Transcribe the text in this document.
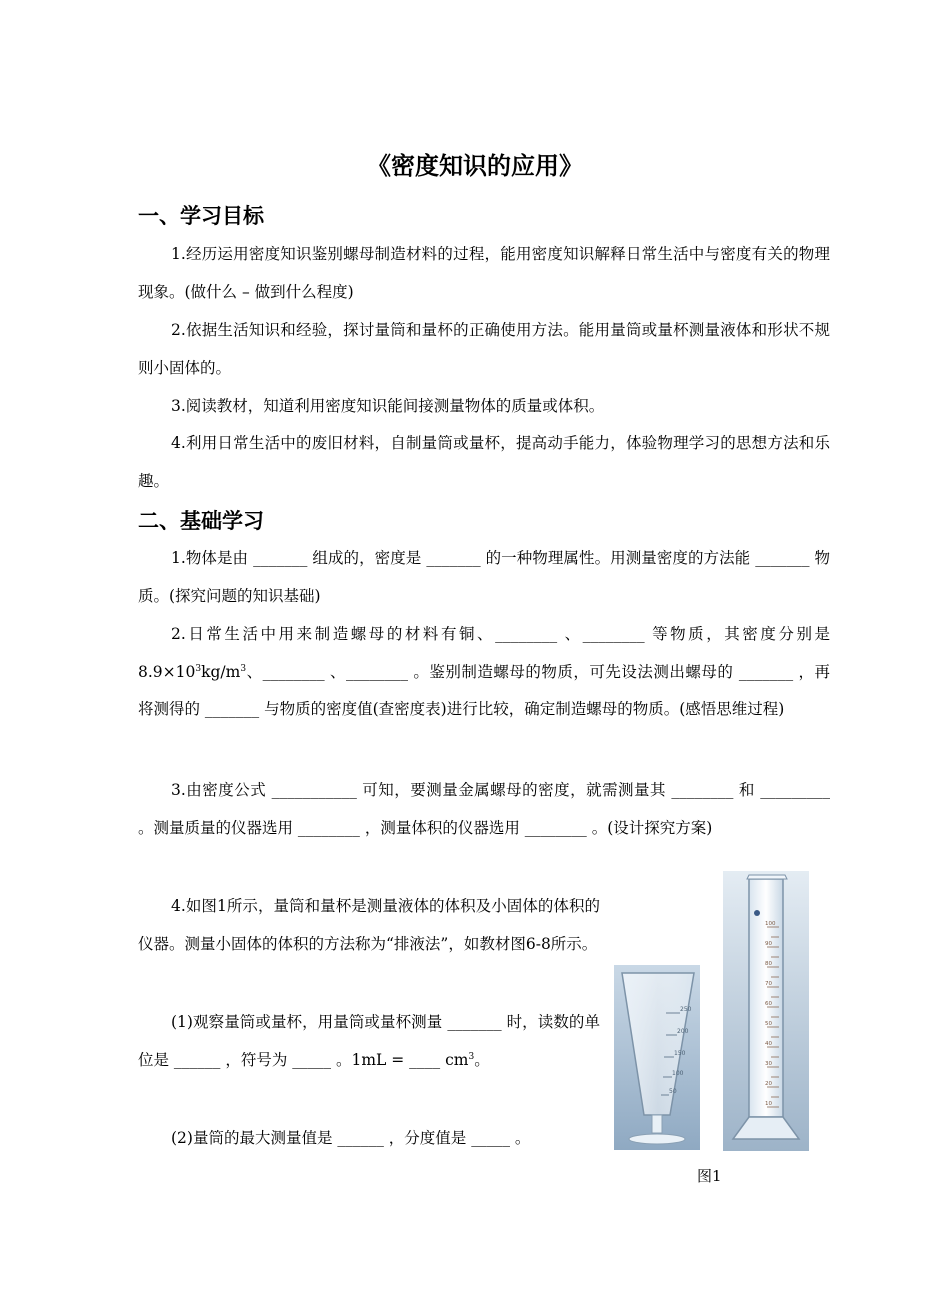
《密度知识的应用》
一、学习目标

1.经历运用密度知识鉴别螺母制造材料的过程，能用密度知识解释日常生活中与密度有关的物理现象。(做什么 – 做到什么程度)

2.依据生活知识和经验，探讨量筒和量杯的正确使用方法。能用量筒或量杯测量液体和形状不规则小固体的。

3.阅读教材，知道利用密度知识能间接测量物体的质量或体积。

4.利用日常生活中的废旧材料，自制量筒或量杯，提高动手能力，体验物理学习的思想方法和乐趣。

二、基础学习

1.物体是由 _______ 组成的，密度是 _______ 的一种物理属性。用测量密度的方法能 _______ 物质。(探究问题的知识基础)

2.日常生活中用来制造螺母的材料有铜、________ 、________ 等物质，其密度分别是$8.9\times 10^3kg/m^3$、________ 、________ 。鉴别制造螺母的物质，可先设法测出螺母的 _______ ，再将测得的 _______ 与物质的密度值(查密度表)进行比较，确定制造螺母的物质。(感悟思维过程)

3.由密度公式 ___________ 可知，要测量金属螺母的密度，就需测量其 ________ 和 _________ 。测量质量的仪器选用 ________ ，测量体积的仪器选用 ________ 。(设计探究方案)

4.如图1所示，量筒和量杯是测量液体的体积及小固体的体积的仪器。测量小固体的体积的方法称为“排液法”，如教材图6-8所示。

(1)观察量筒或量杯，用量筒或量杯测量 _______ 时，读数的单位是 ______ ，符号为 _____ 。1mL = ____ $cm^3$。

(2)量筒的最大测量值是 ______ ，分度值是 _____ 。

250
200
150
100
50
100
90
80
70
60
50
40
30
20
10
图1
